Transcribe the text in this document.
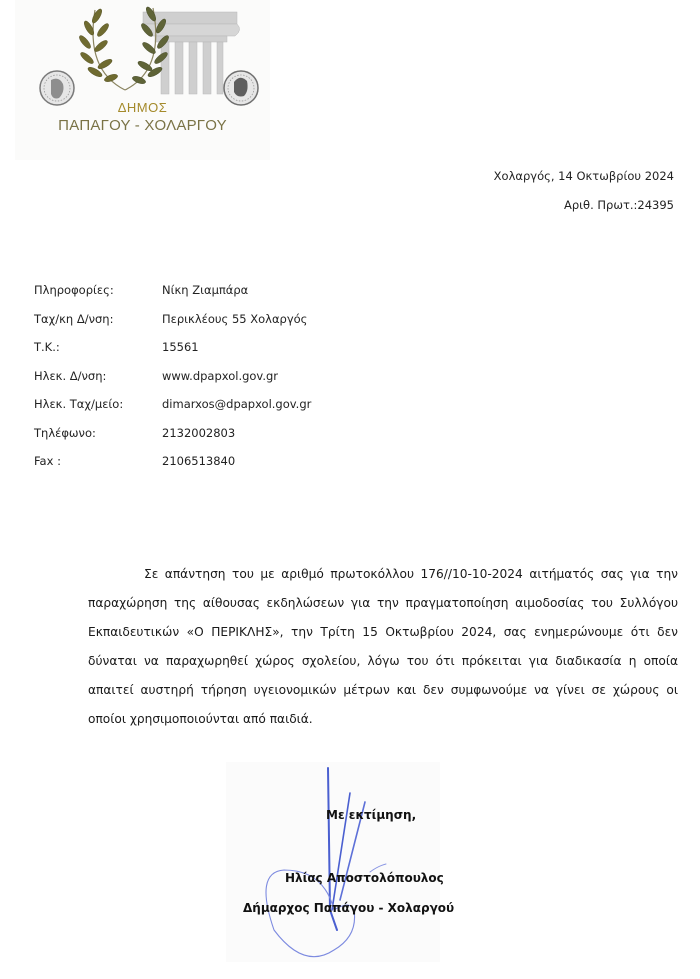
ΔΗΜΟΣ
ΠΑΠΑΓΟΥ - ΧΟΛΑΡΓΟΥ
Χολαργός, 14 Οκτωβρίου 2024
Αριθ. Πρωτ.:24395
Πληροφορίες:	Νίκη Ζιαμπάρα
Ταχ/κη Δ/νση:	Περικλέους 55 Χολαργός
Τ.Κ.:	15561
Ηλεκ. Δ/νση:	www.dpapxol.gov.gr
Ηλεκ. Ταχ/μείο:	dimarxos@dpapxol.gov.gr
Τηλέφωνο:	2132002803
Fax :	2106513840
Σε απάντηση του με αριθμό πρωτοκόλλου 176//10-10-2024 αιτήματός σας για την παραχώρηση της αίθουσας εκδηλώσεων για την πραγματοποίηση αιμοδοσίας του Συλλόγου Εκπαιδευτικών «Ο ΠΕΡΙΚΛΗΣ», την Τρίτη 15 Οκτωβρίου 2024, σας ενημερώνουμε ότι δεν δύναται να παραχωρηθεί χώρος σχολείου, λόγω του ότι πρόκειται για διαδικασία η οποία απαιτεί αυστηρή τήρηση υγειονομικών μέτρων και δεν συμφωνούμε να γίνει σε χώρους οι οποίοι χρησιμοποιούνται από παιδιά.
Με εκτίμηση,
Ηλίας Αποστολόπουλος
Δήμαρχος Παπάγου - Χολαργού
